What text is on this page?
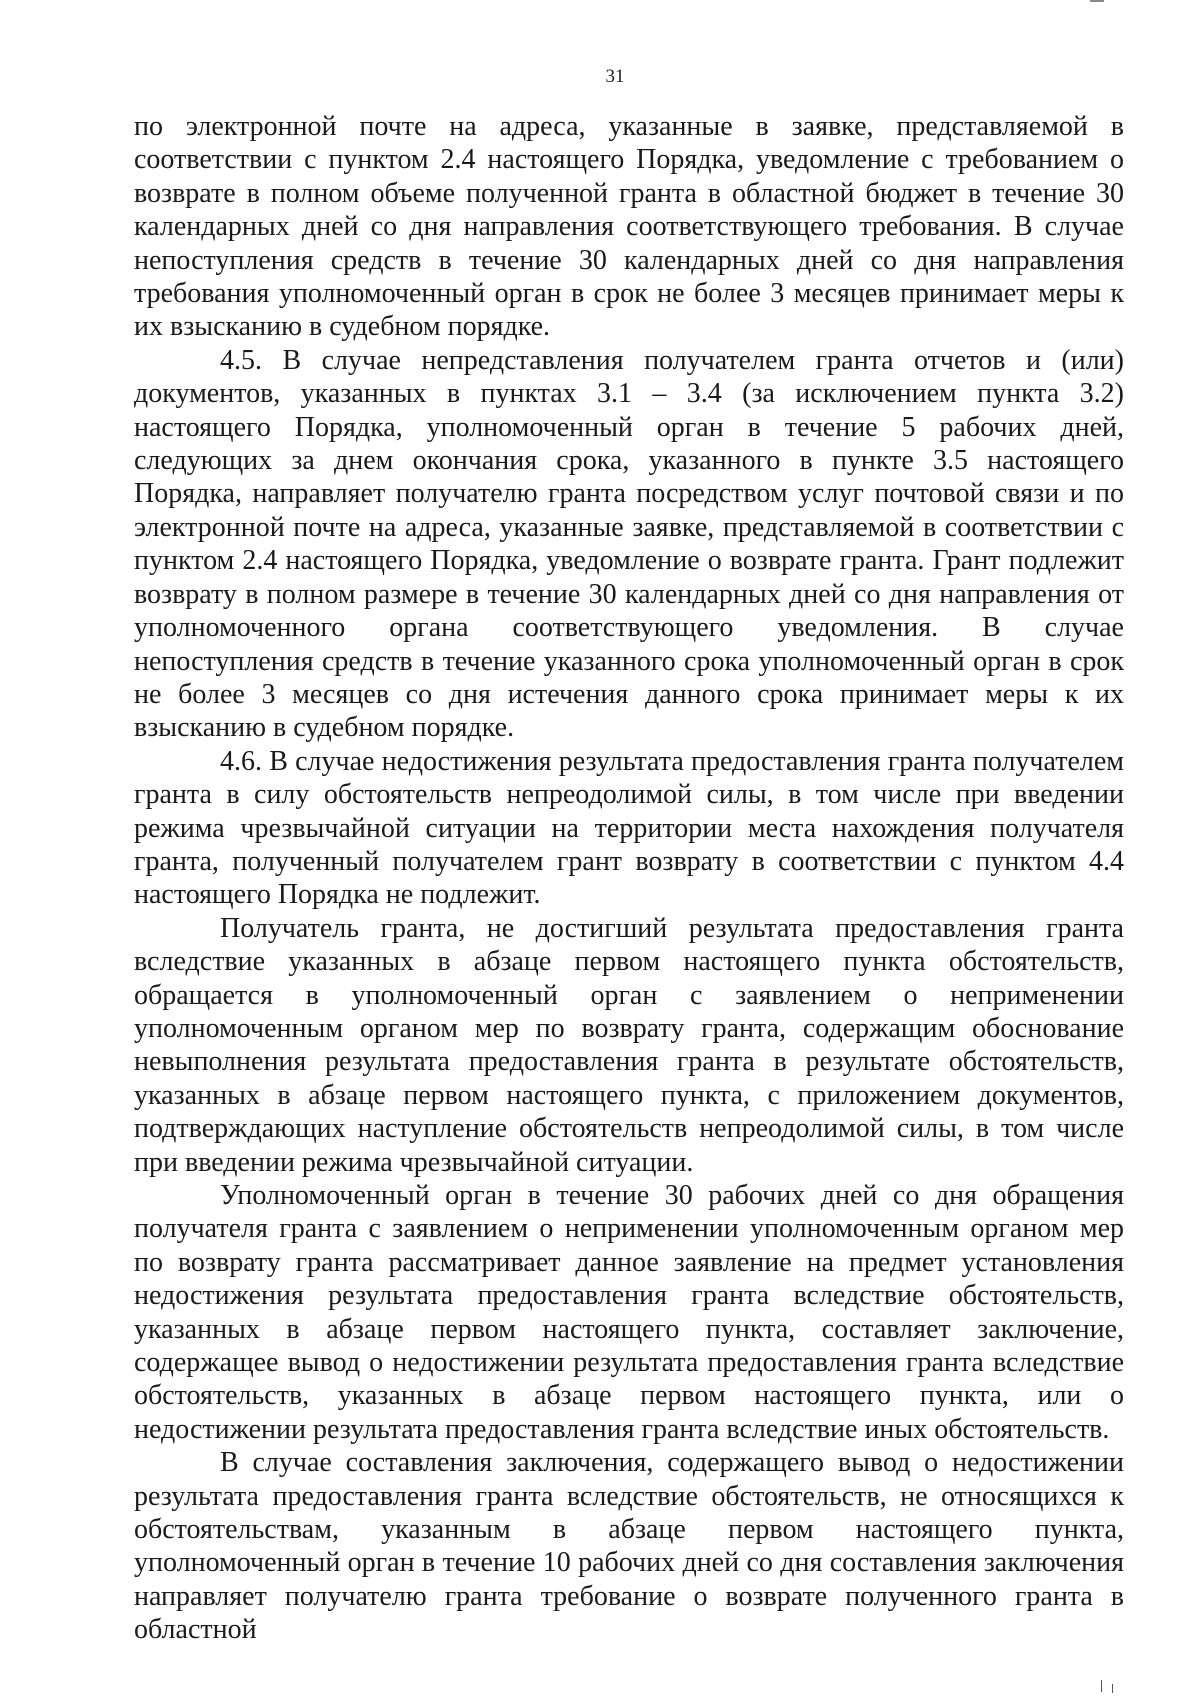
31

по электронной почте на адреса, указанные в заявке, представляемой в соответствии с пунктом 2.4 настоящего Порядка, уведомление с требованием о возврате в полном объеме полученной гранта в областной бюджет в течение 30 календарных дней со дня направления соответствующего требования. В случае непоступления средств в течение 30 календарных дней со дня направления требования уполномоченный орган в срок не более 3 месяцев принимает меры к их взысканию в судебном порядке.

4.5. В случае непредставления получателем гранта отчетов и (или) документов, указанных в пунктах 3.1 – 3.4 (за исключением пункта 3.2) настоящего Порядка, уполномоченный орган в течение 5 рабочих дней, следующих за днем окончания срока, указанного в пункте 3.5 настоящего Порядка, направляет получателю гранта посредством услуг почтовой связи и по электронной почте на адреса, указанные заявке, представляемой в соответствии с пунктом 2.4 настоящего Порядка, уведомление о возврате гранта. Грант подлежит возврату в полном размере в течение 30 календарных дней со дня направления от уполномоченного органа соответствующего уведомления. В случае непоступления средств в течение указанного срока уполномоченный орган в срок не более 3 месяцев со дня истечения данного срока принимает меры к их взысканию в судебном порядке.

4.6. В случае недостижения результата предоставления гранта получателем гранта в силу обстоятельств непреодолимой силы, в том числе при введении режима чрезвычайной ситуации на территории места нахождения получателя гранта, полученный получателем грант возврату в соответствии с пунктом 4.4 настоящего Порядка не подлежит.

Получатель гранта, не достигший результата предоставления гранта вследствие указанных в абзаце первом настоящего пункта обстоятельств, обращается в уполномоченный орган с заявлением о неприменении уполномоченным органом мер по возврату гранта, содержащим обоснование невыполнения результата предоставления гранта в результате обстоятельств, указанных в абзаце первом настоящего пункта, с приложением документов, подтверждающих наступление обстоятельств непреодолимой силы, в том числе при введении режима чрезвычайной ситуации.

Уполномоченный орган в течение 30 рабочих дней со дня обращения получателя гранта с заявлением о неприменении уполномоченным органом мер по возврату гранта рассматривает данное заявление на предмет установления недостижения результата предоставления гранта вследствие обстоятельств, указанных в абзаце первом настоящего пункта, составляет заключение, содержащее вывод о недостижении результата предоставления гранта вследствие обстоятельств, указанных в абзаце первом настоящего пункта, или о недостижении результата предоставления гранта вследствие иных обстоятельств.

В случае составления заключения, содержащего вывод о недостижении результата предоставления гранта вследствие обстоятельств, не относящихся к обстоятельствам, указанным в абзаце первом настоящего пункта, уполномоченный орган в течение 10 рабочих дней со дня составления заключения направляет получателю гранта требование о возврате полученного гранта в областной
